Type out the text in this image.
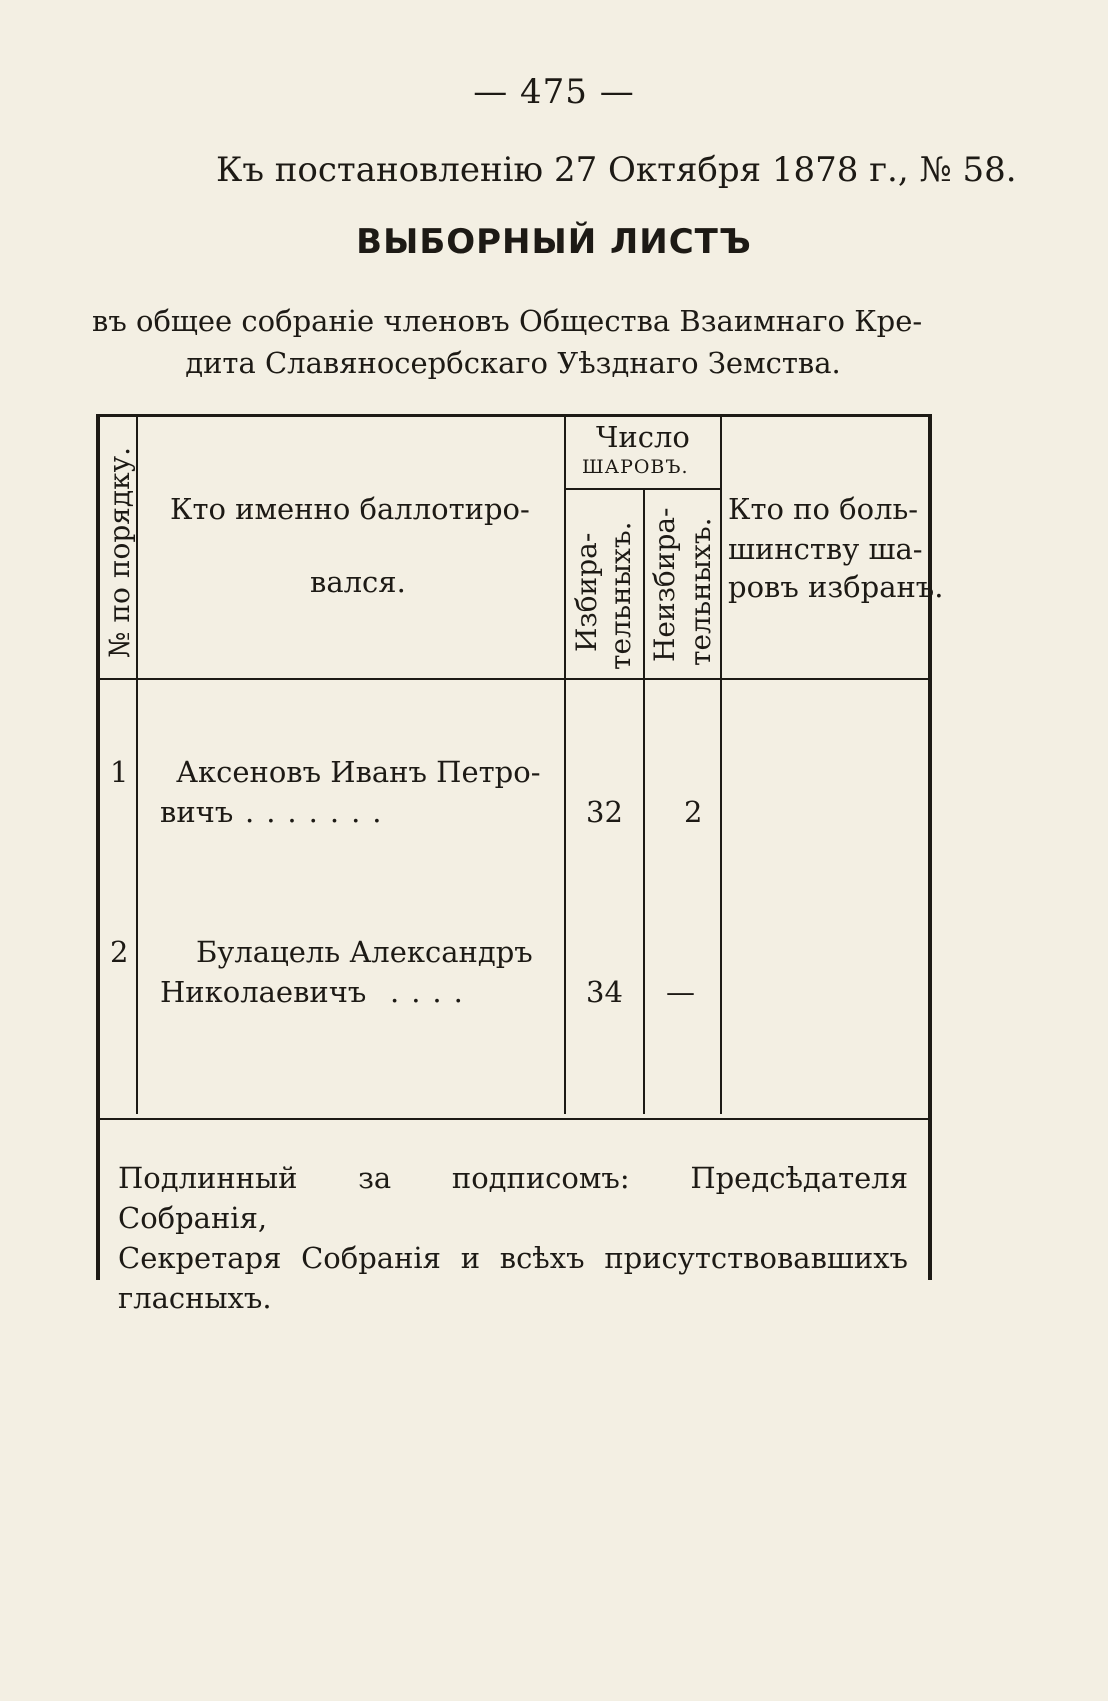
— 475 —
Къ постановленію 27 Октября 1878 г., № 58.
ВЫБОРНЫЙ ЛИСТЪ
въ общее собраніе членовъ Общества Взаимнаго Кре-
дита Славяносербскаго Уѣзднаго Земства.
№ по порядку. Кто именно баллотиро-
вался.
Число
ШАРОВЪ.
Избира- тельныхъ. Неизбира- тельныхъ.
Кто по боль-
шинству ша-
ровъ избранъ.
1 Аксеновъ Иванъ Петро-
вичъ .......	32 2
2 Булацель Александръ
Николаевичъ ....	34 —
Подлинный за подписомъ: Предсѣдателя Собранія,
Секретаря Собранія и всѣхъ присутствовавшихъ
гласныхъ.
